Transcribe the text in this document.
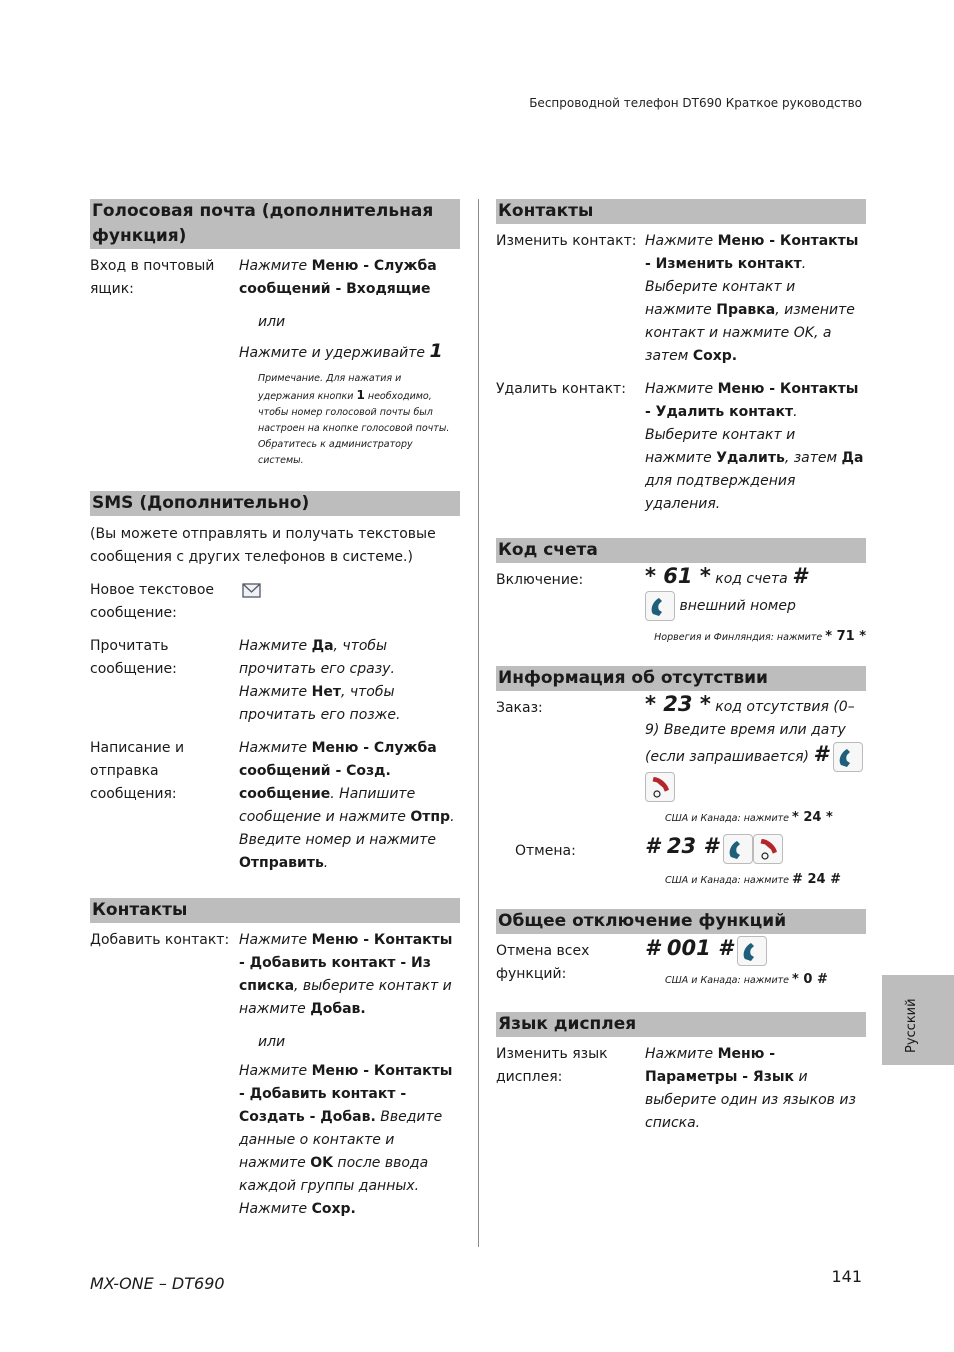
Беспроводной телефон DT690 Краткое руководство
Голосовая почта (дополнительная функция)
Вход в почтовый ящик:
Нажмите Меню - Служба сообщений - Входящие
или
Нажмите и удерживайте 1
Примечание. Для нажатия и удержания кнопки 1 необходимо, чтобы номер голосовой почты был настроен на кнопке голосовой почты. Обратитесь к администратору системы.
SMS (Дополнительно)
(Вы можете отправлять и получать текстовые сообщения с других телефонов в системе.)
Новое текстовое сообщение:
Прочитать сообщение:
Нажмите Да, чтобы прочитать его сразу. Нажмите Нет, чтобы прочитать его позже.
Написание и отправка сообщения:
Нажмите Меню - Служба сообщений - Созд. сообщение. Напишите сообщение и нажмите Отпр. Введите номер и нажмите Отправить.
Контакты
Добавить контакт: Нажмите Меню - Контакты - Добавить контакт - Из списка, выберите контакт и нажмите Добав.
или
Нажмите Меню - Контакты - Добавить контакт - Создать - Добав. Введите данные о контакте и нажмите OK после ввода каждой группы данных. Нажмите Сохр.
Контакты
Изменить контакт: Нажмите Меню - Контакты - Изменить контакт. Выберите контакт и нажмите Правка, измените контакт и нажмите OK, а затем Сохр.
Удалить контакт:	Нажмите Меню - Контакты - Удалить контакт. Выберите контакт и нажмите Удалить, затем Да для подтверждения удаления.
Код счета
Включение:	* 61 * код счета #
внешний номер
Норвегия и Финляндия: нажмите * 71 *
Информация об отсутствии
Заказ:	* 23 * код отсутствия (0–9) Введите время или дату (если запрашивается) #
США и Канада: нажмите * 24 *
Отмена:	# 23 #
США и Канада: нажмите # 24 #
Общее отключение функций
Отмена всех функций:
# 001 #
США и Канада: нажмите * 0 #
Язык дисплея
Изменить язык дисплея:
Нажмите Меню - Параметры - Язык и выберите один из языков из списка.
Русский
MX-ONE – DT690	141
